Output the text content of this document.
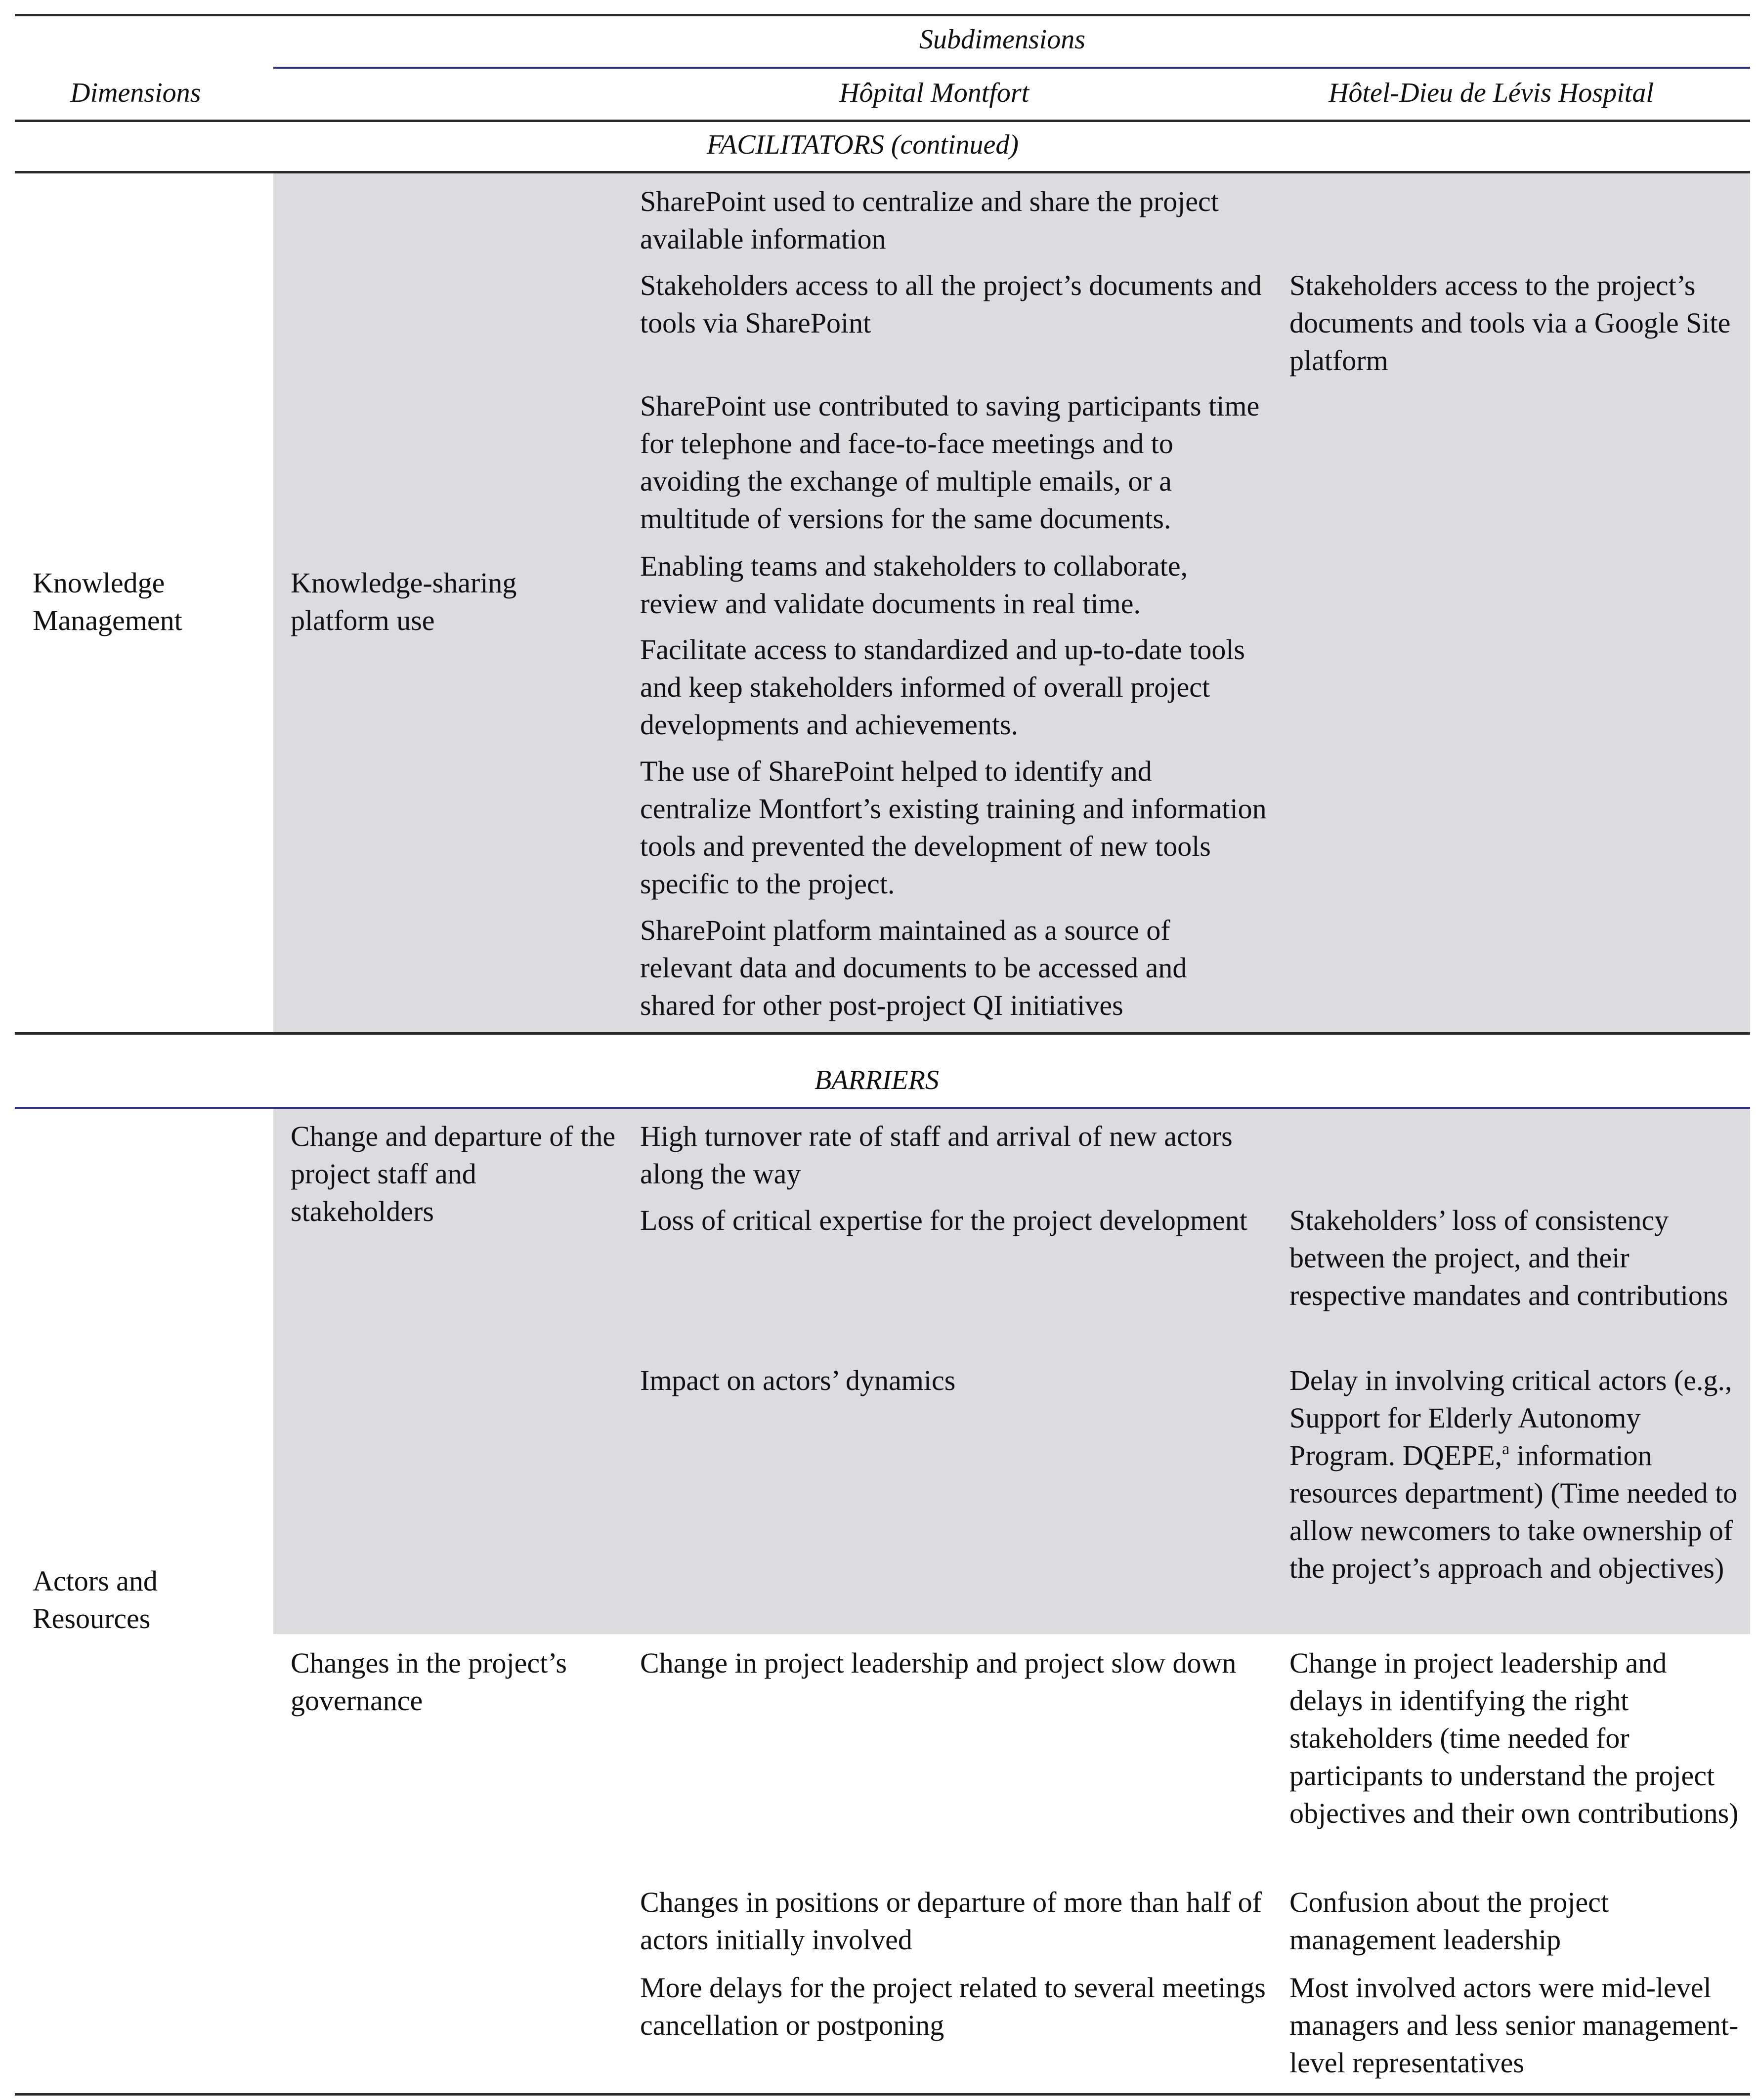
Subdimensions
Dimensions	Hôpital Montfort	Hôtel-Dieu de Lévis Hospital
FACILITATORS (continued)

Knowledge Management

Knowledge-sharing platform use

SharePoint used to centralize and share the project available information

Stakeholders access to all the project’s documents and tools via SharePoint

SharePoint use contributed to saving participants time for telephone and face-to-face meetings and to avoiding the exchange of multiple emails, or a multitude of versions for the same documents.

Enabling teams and stakeholders to collaborate, review and validate documents in real time.

Facilitate access to standardized and up-to-date tools and keep stakeholders informed of overall project developments and achievements.

The use of SharePoint helped to identify and centralize Montfort’s existing training and information tools and prevented the development of new tools specific to the project.

SharePoint platform maintained as a source of relevant data and documents to be accessed and shared for other post-project QI initiatives

Stakeholders access to the project’s documents and tools via a Google Site platform

BARRIERS

Actors and Resources

Change and departure of the project staff and stakeholders

High turnover rate of staff and arrival of new actors along the way

Loss of critical expertise for the project development

Impact on actors’ dynamics

Stakeholders’ loss of consistency between the project, and their respective mandates and contributions

Delay in involving critical actors (e.g., Support for Elderly Autonomy Program. DQEPE,$^a$ information resources department) (Time needed to allow newcomers to take ownership of the project’s approach and objectives)

Changes in the project’s governance

Change in project leadership and project slow down

Changes in positions or departure of more than half of actors initially involved

More delays for the project related to several meetings cancellation or postponing

Change in project leadership and delays in identifying the right stakeholders (time needed for participants to understand the project objectives and their own contributions)

Confusion about the project management leadership

Most involved actors were mid-level managers and less senior management-level representatives
